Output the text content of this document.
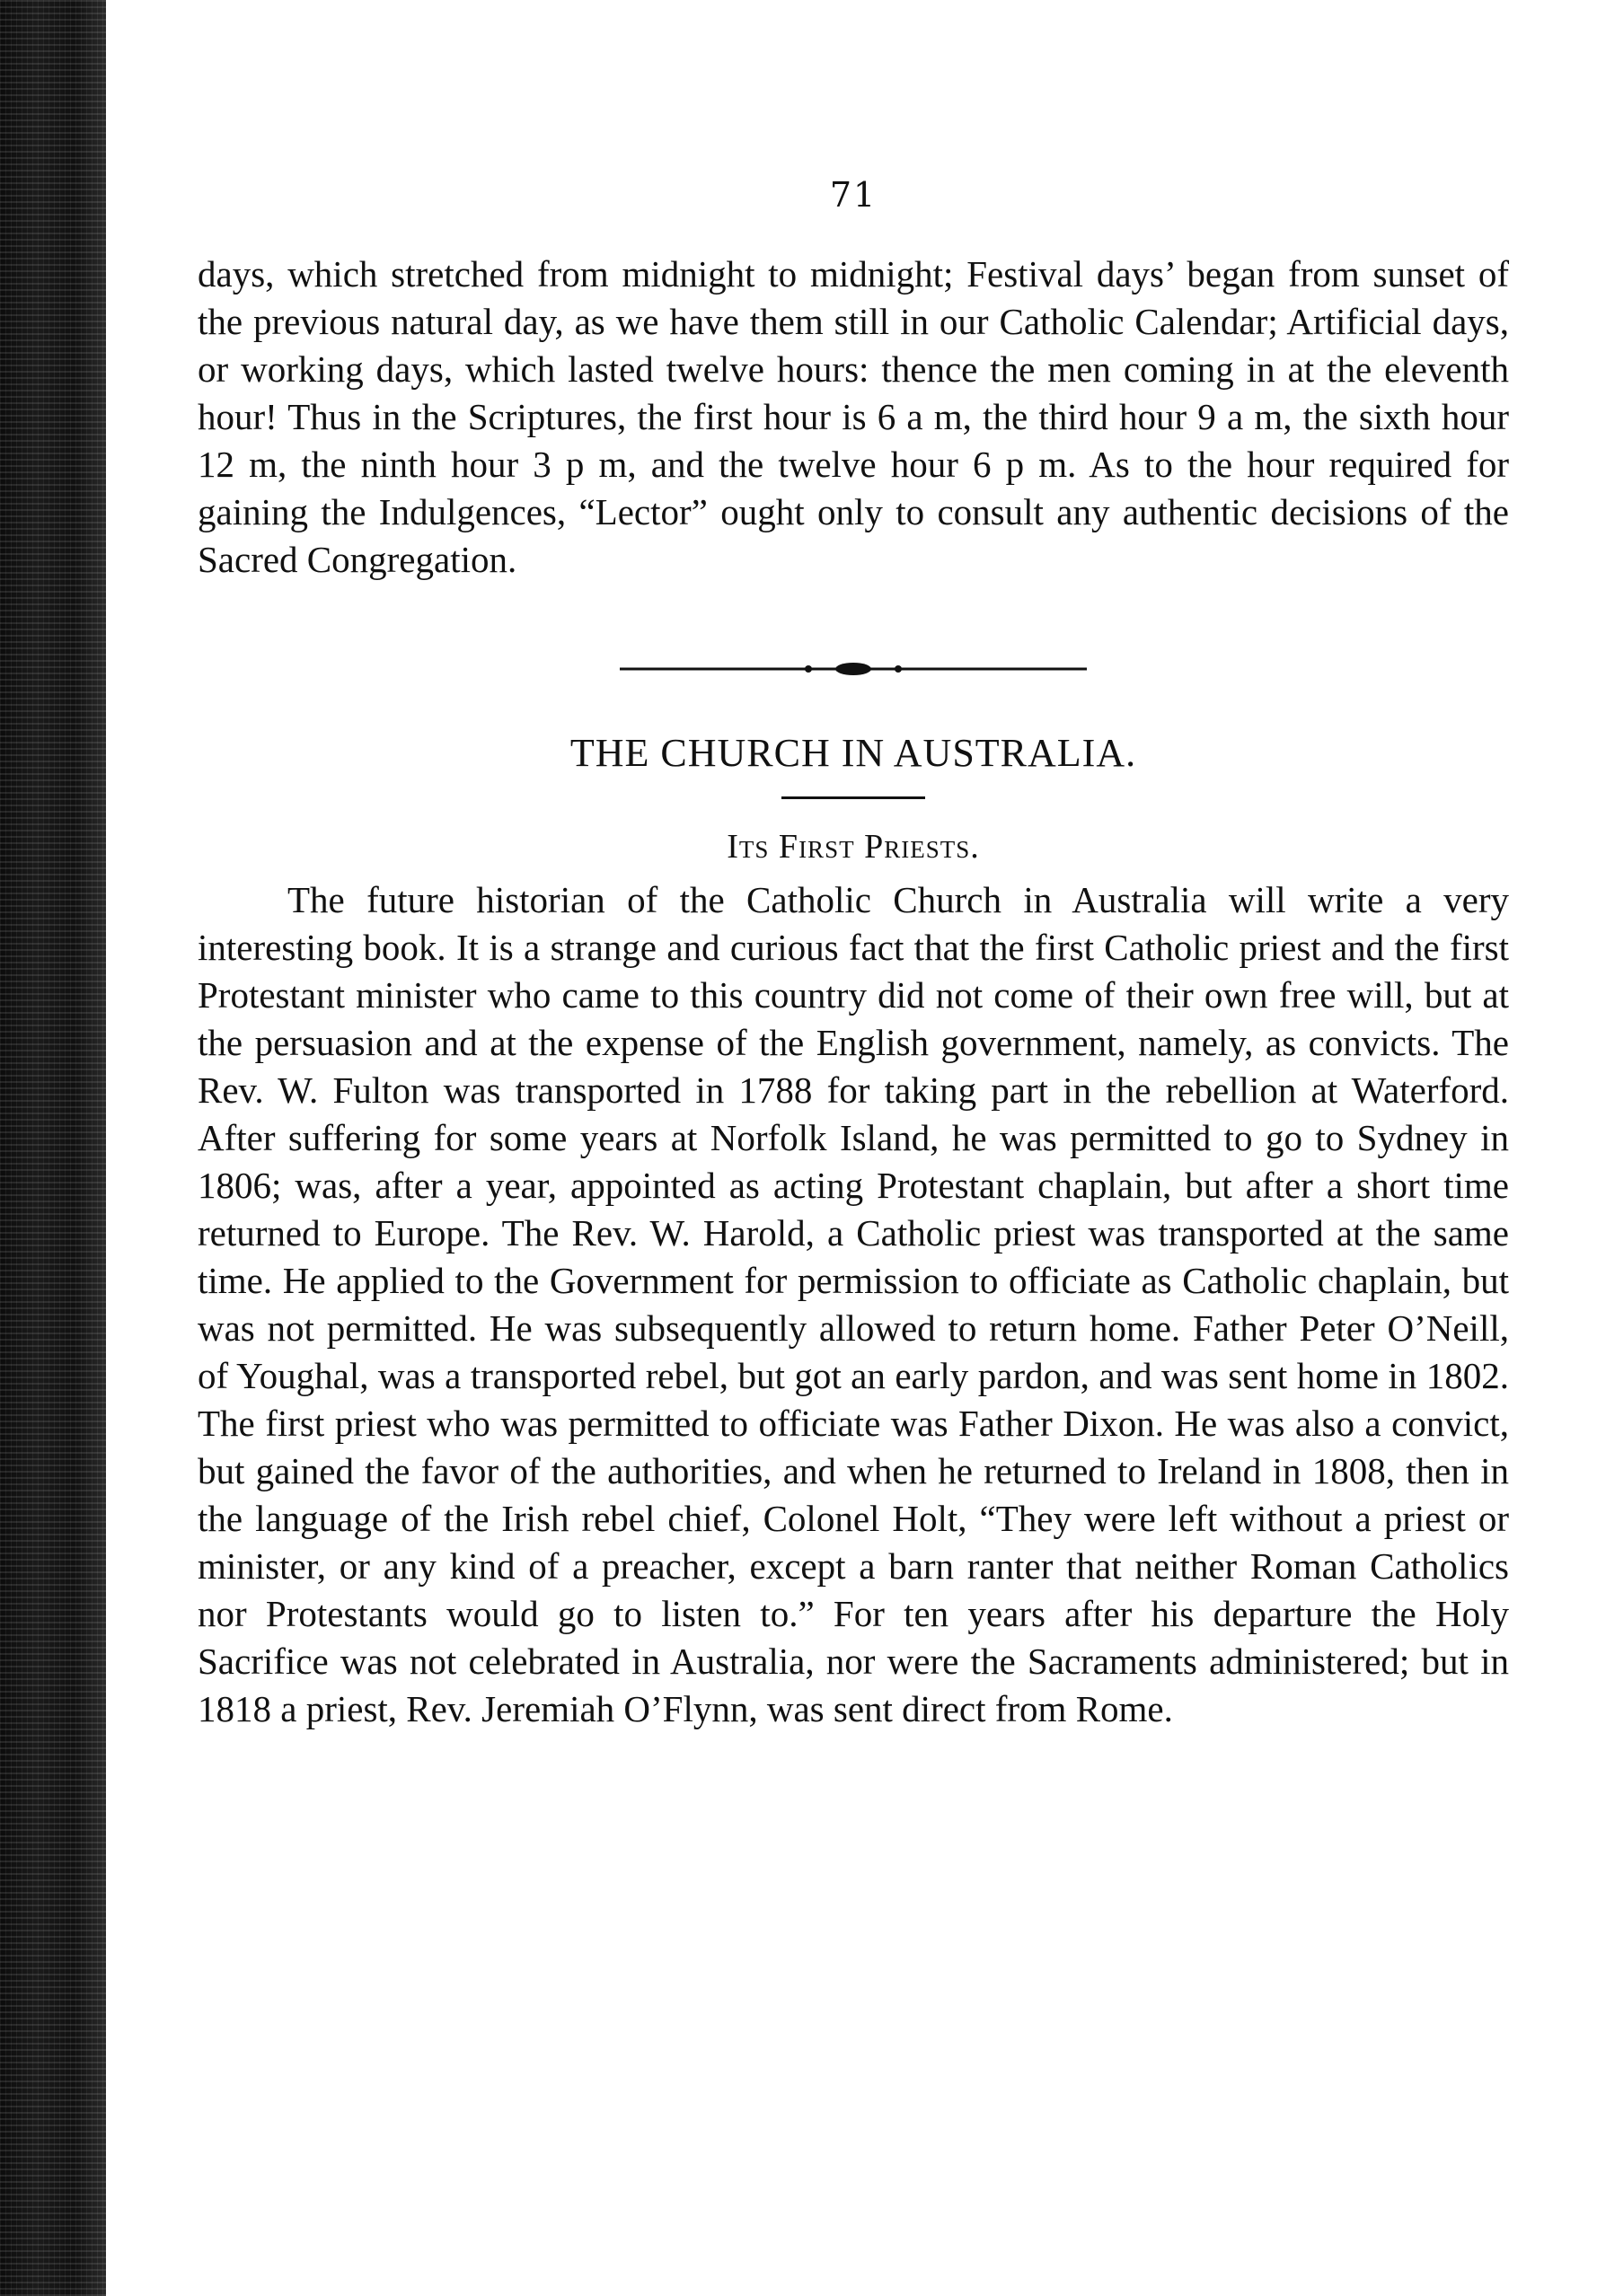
71

days, which stretched from midnight to midnight; Festival days’ began from sunset of the previous natural day, as we have them still in our Catholic Calendar; Artificial days, or working days, which lasted twelve hours: thence the men coming in at the eleventh hour! Thus in the Scriptures, the first hour is 6 a m, the third hour 9 a m, the sixth hour 12 m, the ninth hour 3 p m, and the twelve hour 6 p m. As to the hour required for gaining the Indulgences, “Lector” ought only to consult any authentic decisions of the Sacred Congregation.

THE CHURCH IN AUSTRALIA.
Its First Priests.

The future historian of the Catholic Church in Australia will write a very interesting book. It is a strange and curious fact that the first Catholic priest and the first Protestant minister who came to this country did not come of their own free will, but at the persuasion and at the expense of the English government, namely, as convicts. The Rev. W. Fulton was transported in 1788 for taking part in the rebellion at Waterford. After suffering for some years at Norfolk Island, he was permitted to go to Sydney in 1806; was, after a year, appointed as acting Protestant chaplain, but after a short time returned to Europe. The Rev. W. Harold, a Catholic priest was transported at the same time. He applied to the Government for permission to officiate as Catholic chaplain, but was not permitted. He was subsequently allowed to return home. Father Peter O’Neill, of Youghal, was a transported rebel, but got an early pardon, and was sent home in 1802. The first priest who was permitted to officiate was Father Dixon. He was also a convict, but gained the favor of the authorities, and when he returned to Ireland in 1808, then in the language of the Irish rebel chief, Colonel Holt, “They were left without a priest or minister, or any kind of a preacher, except a barn ranter that neither Roman Catholics nor Protestants would go to listen to.” For ten years after his departure the Holy Sacrifice was not celebrated in Australia, nor were the Sacraments administered; but in 1818 a priest, Rev. Jeremiah O’Flynn, was sent direct from Rome.
